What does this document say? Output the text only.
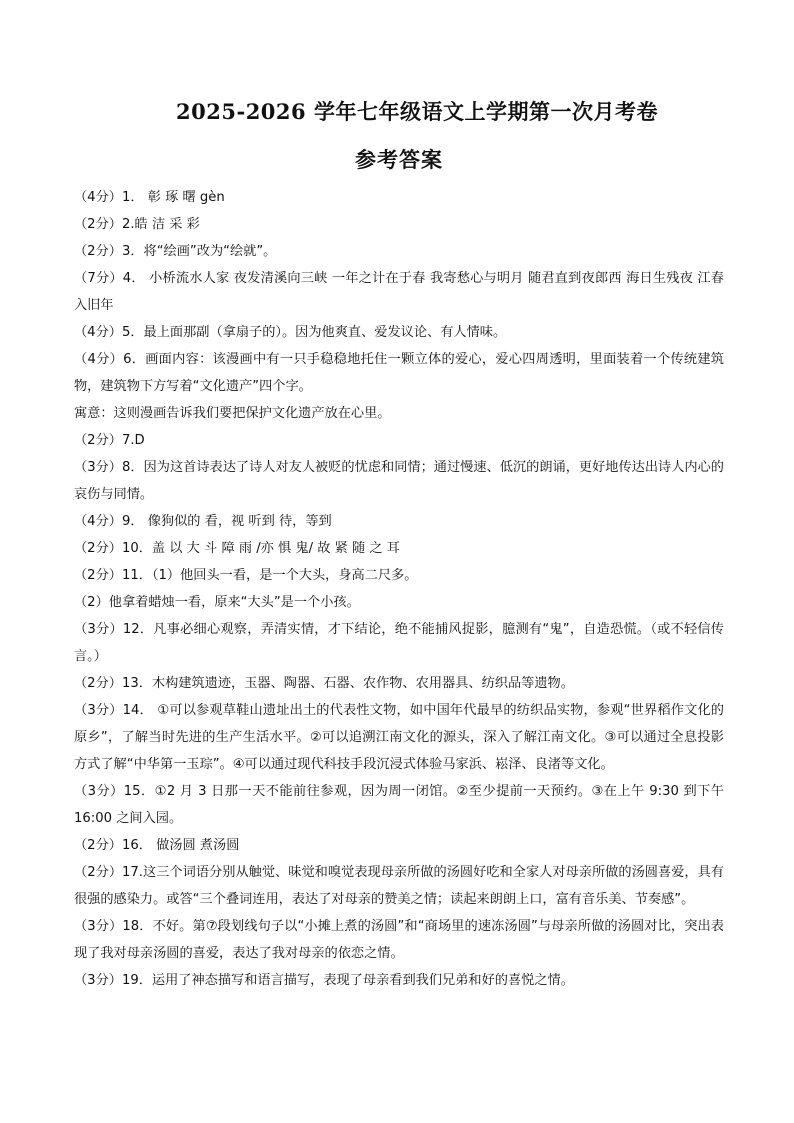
2025-2026 学年七年级语文上学期第一次月考卷
参考答案
（4分）1． 彰 琢 曙 gèn
（2分）2.皓 洁 采 彩
（2分）3．将“绘画”改为“绘就”。
（7分）4． 小桥流水人家 夜发清溪向三峡 一年之计在于春 我寄愁心与明月 随君直到夜郎西 海日生残夜 江春入旧年
（4分）5．最上面那副（拿扇子的）。因为他爽直、爱发议论、有人情味。
（4分）6．画面内容：该漫画中有一只手稳稳地托住一颗立体的爱心，爱心四周透明，里面装着一个传统建筑物，建筑物下方写着“文化遗产”四个字。
寓意：这则漫画告诉我们要把保护文化遗产放在心里。
（2分）7.D
（3分）8．因为这首诗表达了诗人对友人被贬的忧虑和同情；通过慢速、低沉的朗诵，更好地传达出诗人内心的哀伤与同情。
（4分）9． 像狗似的 看，视 听到 待，等到
（2分）10．盖 以 大 斗 障 雨 /亦 惧 鬼/ 故 紧 随 之 耳
（2分）11．（1）他回头一看，是一个大头，身高二尺多。
（2）他拿着蜡烛一看，原来“大头”是一个小孩。
（3分）12．凡事必细心观察，弄清实情，才下结论，绝不能捕风捉影，臆测有“鬼”，自造恐慌。（或不轻信传言。）
（2分）13．木构建筑遗迹，玉器、陶器、石器、农作物、农用器具、纺织品等遗物。
（3分）14． ①可以参观草鞋山遗址出土的代表性文物，如中国年代最早的纺织品实物，参观“世界稻作文化的原乡”，了解当时先进的生产生活水平。②可以追溯江南文化的源头，深入了解江南文化。③可以通过全息投影方式了解“中华第一玉琮”。④可以通过现代科技手段沉浸式体验马家浜、崧泽、良渚等文化。
（3分）15．①2 月 3 日那一天不能前往参观，因为周一闭馆。②至少提前一天预约。③在上午 9:30 到下午 16:00 之间入园。
（2分）16． 做汤圆 煮汤圆
（2分）17.这三个词语分别从触觉、味觉和嗅觉表现母亲所做的汤圆好吃和全家人对母亲所做的汤圆喜爱，具有很强的感染力。或答“三个叠词连用，表达了对母亲的赞美之情；读起来朗朗上口，富有音乐美、节奏感”。
（3分）18．不好。第⑦段划线句子以“小摊上煮的汤圆”和“商场里的速冻汤圆”与母亲所做的汤圆对比，突出表现了我对母亲汤圆的喜爱，表达了我对母亲的依恋之情。
（3分）19．运用了神态描写和语言描写，表现了母亲看到我们兄弟和好的喜悦之情。
